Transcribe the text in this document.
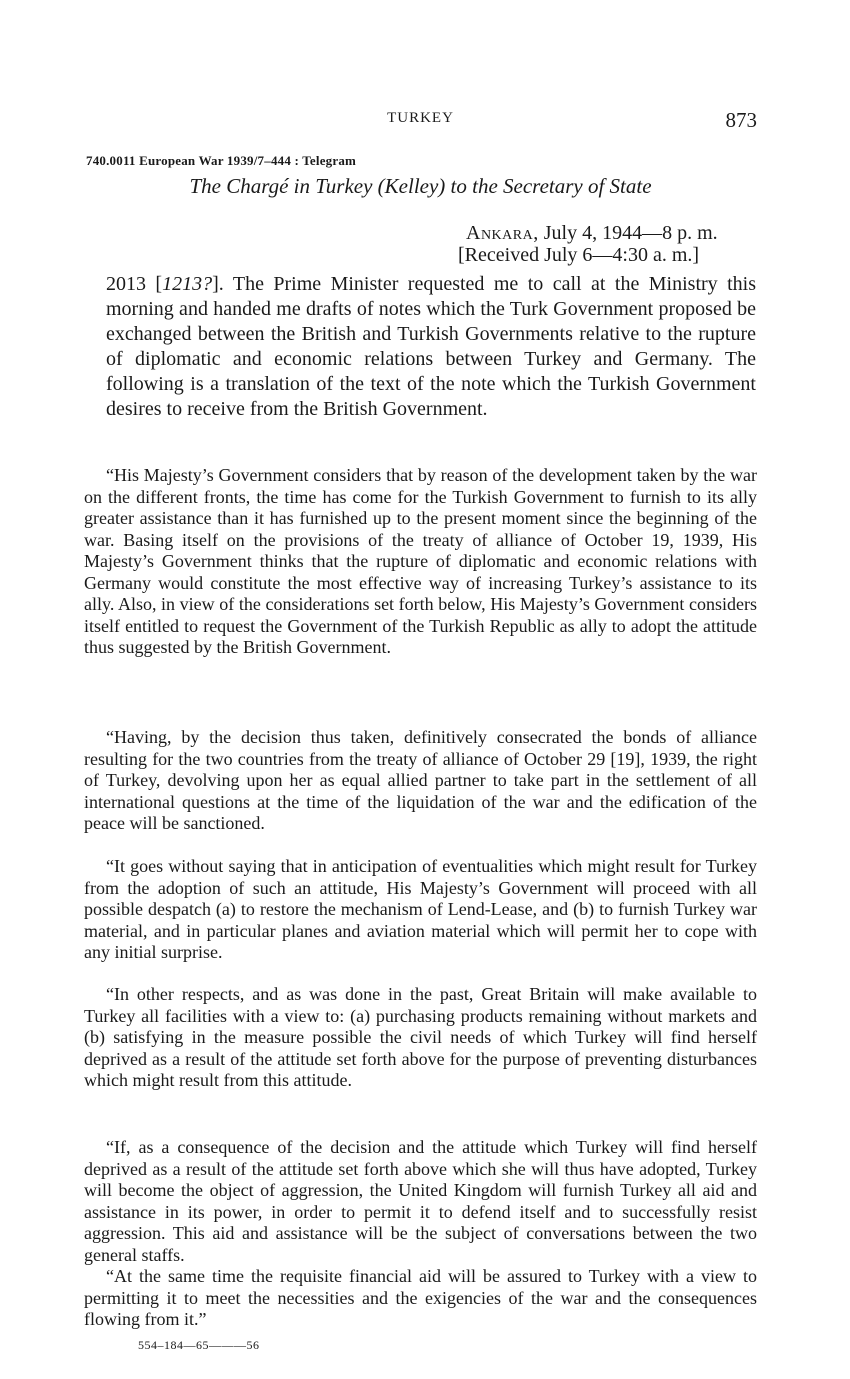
TURKEY	873
740.0011 European War 1939/7–444 : Telegram
The Chargé in Turkey (Kelley) to the Secretary of State
Ankara, July 4, 1944—8 p. m.
[Received July 6—4:30 a. m.]

2013 [1213?]. The Prime Minister requested me to call at the Ministry this morning and handed me drafts of notes which the Turk Government proposed be exchanged between the British and Turkish Governments relative to the rupture of diplomatic and economic relations between Turkey and Germany. The following is a translation of the text of the note which the Turkish Government desires to receive from the British Government.

“His Majesty’s Government considers that by reason of the development taken by the war on the different fronts, the time has come for the Turkish Government to furnish to its ally greater assistance than it has furnished up to the present moment since the beginning of the war. Basing itself on the provisions of the treaty of alliance of October 19, 1939, His Majesty’s Government thinks that the rupture of diplomatic and economic relations with Germany would constitute the most effective way of increasing Turkey’s assistance to its ally. Also, in view of the considerations set forth below, His Majesty’s Government considers itself entitled to request the Government of the Turkish Republic as ally to adopt the attitude thus suggested by the British Government.

“Having, by the decision thus taken, definitively consecrated the bonds of alliance resulting for the two countries from the treaty of alliance of October 29 [19], 1939, the right of Turkey, devolving upon her as equal allied partner to take part in the settlement of all international questions at the time of the liquidation of the war and the edification of the peace will be sanctioned.

“It goes without saying that in anticipation of eventualities which might result for Turkey from the adoption of such an attitude, His Majesty’s Government will proceed with all possible despatch (a) to restore the mechanism of Lend-Lease, and (b) to furnish Turkey war material, and in particular planes and aviation material which will permit her to cope with any initial surprise.

“In other respects, and as was done in the past, Great Britain will make available to Turkey all facilities with a view to: (a) purchasing products remaining without markets and (b) satisfying in the measure possible the civil needs of which Turkey will find herself deprived as a result of the attitude set forth above for the purpose of preventing disturbances which might result from this attitude.

“If, as a consequence of the decision and the attitude which Turkey will find herself deprived as a result of the attitude set forth above which she will thus have adopted, Turkey will become the object of aggression, the United Kingdom will furnish Turkey all aid and assistance in its power, in order to permit it to defend itself and to successfully resist aggression. This aid and assistance will be the subject of conversations between the two general staffs.

“At the same time the requisite financial aid will be assured to Turkey with a view to permitting it to meet the necessities and the exigencies of the war and the consequences flowing from it.”

554–184—65———56
